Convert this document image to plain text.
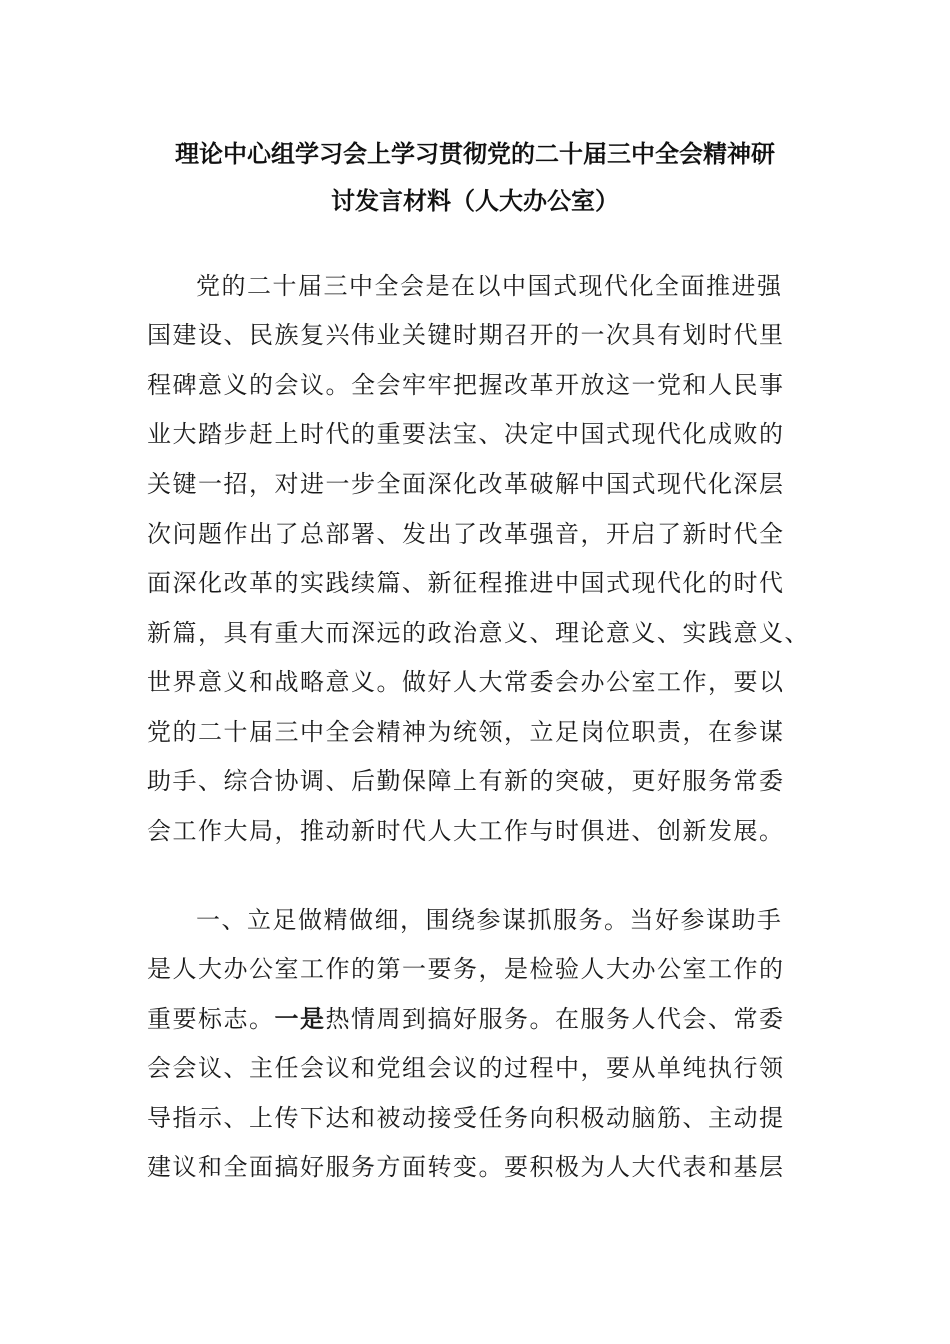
理论中心组学习会上学习贯彻党的二十届三中全会精神研
讨发言材料（人大办公室）
党的二十届三中全会是在以中国式现代化全面推进强
国建设、民族复兴伟业关键时期召开的一次具有划时代里
程碑意义的会议。全会牢牢把握改革开放这一党和人民事
业大踏步赶上时代的重要法宝、决定中国式现代化成败的
关键一招，对进一步全面深化改革破解中国式现代化深层
次问题作出了总部署、发出了改革强音，开启了新时代全
面深化改革的实践续篇、新征程推进中国式现代化的时代
新篇，具有重大而深远的政治意义、理论意义、实践意义、
世界意义和战略意义。做好人大常委会办公室工作，要以
党的二十届三中全会精神为统领，立足岗位职责，在参谋
助手、综合协调、后勤保障上有新的突破，更好服务常委
会工作大局，推动新时代人大工作与时俱进、创新发展。
一、立足做精做细，围绕参谋抓服务。当好参谋助手
是人大办公室工作的第一要务，是检验人大办公室工作的
重要标志。一是热情周到搞好服务。在服务人代会、常委
会会议、主任会议和党组会议的过程中，要从单纯执行领
导指示、上传下达和被动接受任务向积极动脑筋、主动提
建议和全面搞好服务方面转变。要积极为人大代表和基层
